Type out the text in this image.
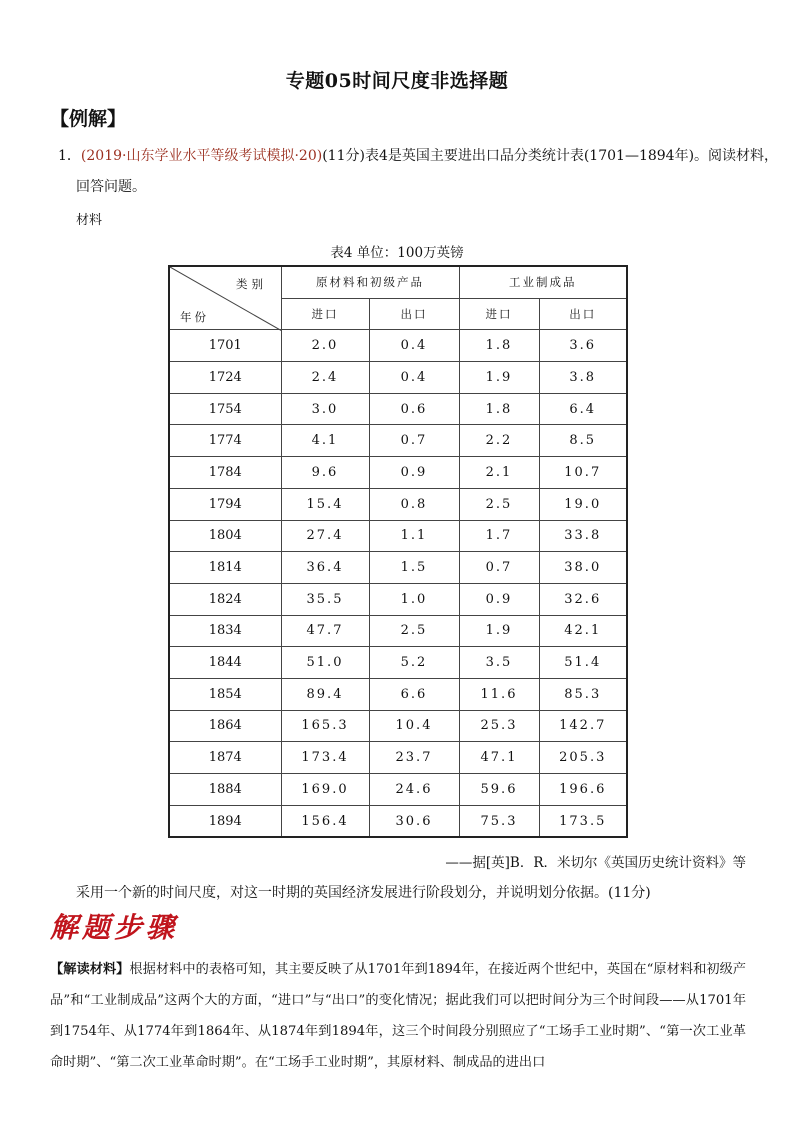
专题05时间尺度非选择题
【例解】
1．(2019·山东学业水平等级考试模拟·20)(11分)表4是英国主要进出口品分类统计表(1701—1894年)。阅读材料，
回答问题。
材料
表4 单位：100万英镑
类别
年份	原材料和初级产品		工业制成品	
	进口	出口	进口	出口
1701	2.0	0.4	1.8	3.6
1724	2.4	0.4	1.9	3.8
1754	3.0	0.6	1.8	6.4
1774	4.1	0.7	2.2	8.5
1784	9.6	0.9	2.1	10.7
1794	15.4	0.8	2.5	19.0
1804	27.4	1.1	1.7	33.8
1814	36.4	1.5	0.7	38.0
1824	35.5	1.0	0.9	32.6
1834	47.7	2.5	1.9	42.1
1844	51.0	5.2	3.5	51.4
1854	89.4	6.6	11.6	85.3
1864	165.3	10.4	25.3	142.7
1874	173.4	23.7	47.1	205.3
1884	169.0	24.6	59.6	196.6
1894	156.4	30.6	75.3	173.5
——据[英]B．R．米切尔《英国历史统计资料》等
采用一个新的时间尺度，对这一时期的英国经济发展进行阶段划分，并说明划分依据。(11分)
解题步骤
【解读材料】根据材料中的表格可知，其主要反映了从1701年到1894年，在接近两个世纪中，英国在“原材料和初级产品”和“工业制成品”这两个大的方面，“进口”与“出口”的变化情况；据此我们可以把时间分为三个时间段——从1701年到1754年、从1774年到1864年、从1874年到1894年，这三个时间段分别照应了“工场手工业时期”、“第一次工业革命时期”、“第二次工业革命时期”。在“工场手工业时期”，其原材料、制成品的进出口
